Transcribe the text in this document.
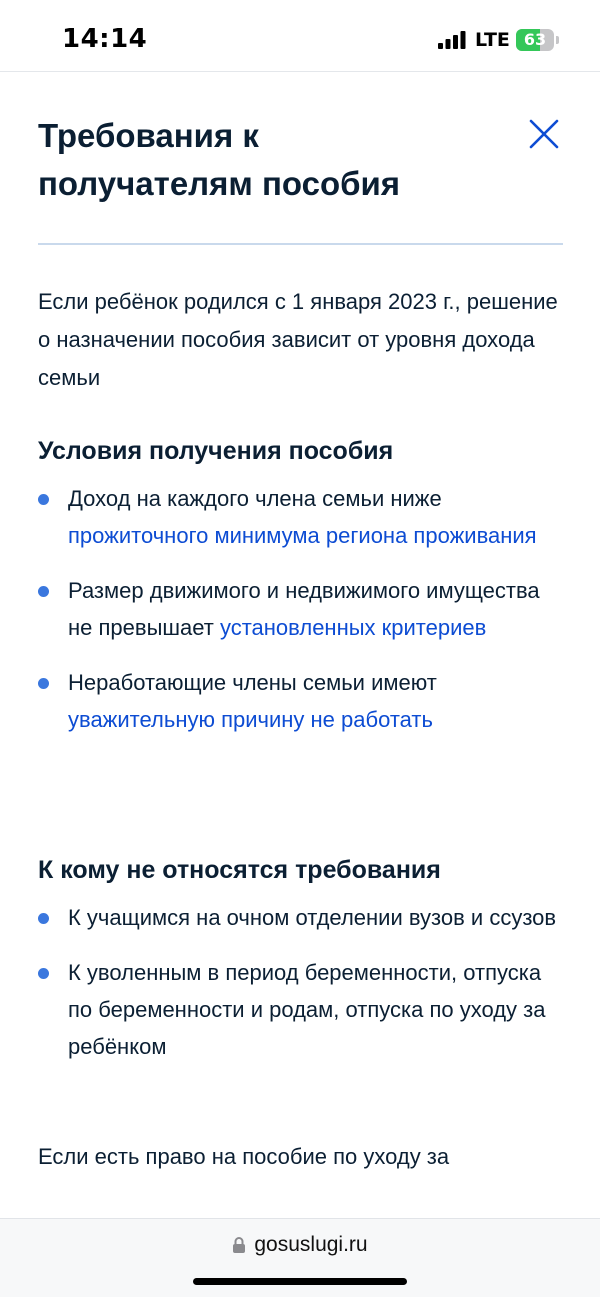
14:14	LTE 63
Требования к получателям пособия
Если ребёнок родился с 1 января 2023 г., решение о назначении пособия зависит от уровня дохода семьи
Условия получения пособия
Доход на каждого члена семьи ниже прожиточного минимума региона проживания
Размер движимого и недвижимого имущества не превышает установленных критериев
Неработающие члены семьи имеют уважительную причину не работать
К кому не относятся требования
К учащимся на очном отделении вузов и ссузов
К уволенным в период беременности, отпуска по беременности и родам, отпуска по уходу за ребёнком
Если есть право на пособие по уходу за
gosuslugi.ru
